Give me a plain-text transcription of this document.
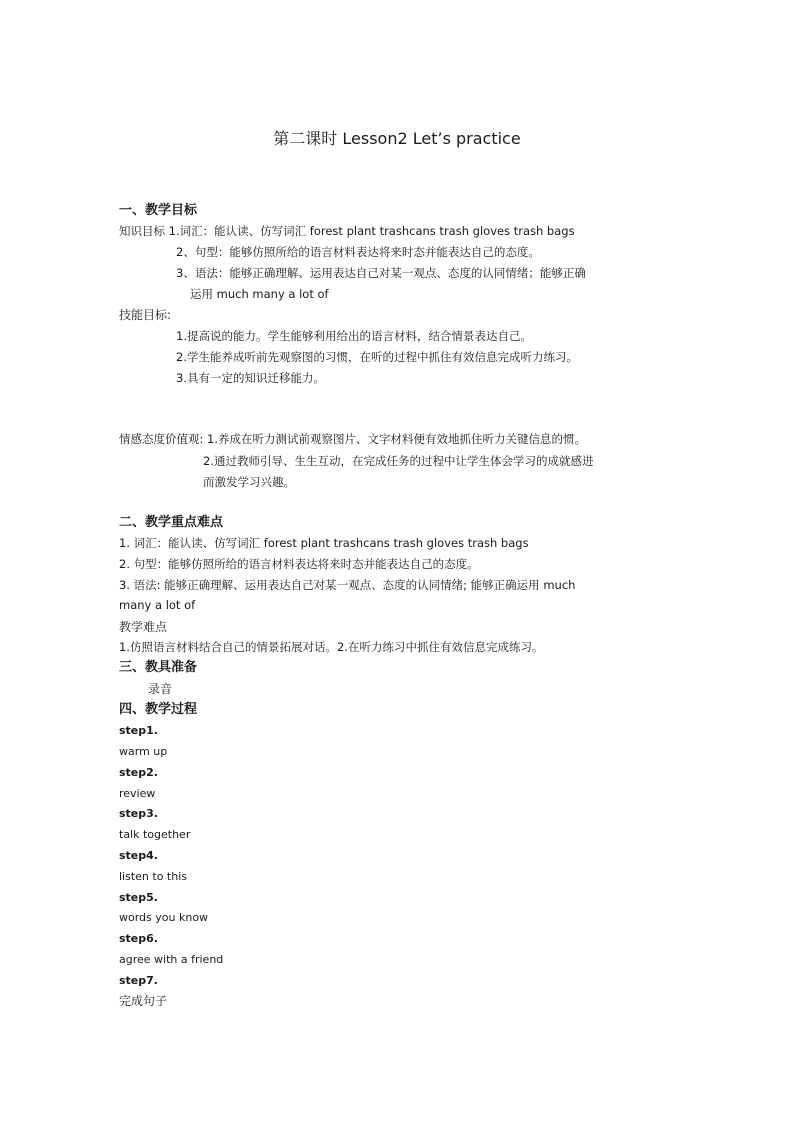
第二课时 Lesson2 Let’s practice
一、教学目标
知识目标 1.词汇：能认读、仿写词汇 forest plant trashcans trash gloves trash bags
2、句型：能够仿照所给的语言材料表达将来时态并能表达自己的态度。
3、语法：能够正确理解、运用表达自己对某一观点、态度的认同情绪；能够正确
运用 much many a lot of
技能目标:
1.提高说的能力。学生能够利用给出的语言材料，结合情景表达自己。
2.学生能养成听前先观察图的习惯，在听的过程中抓住有效信息完成听力练习。
3.具有一定的知识迁移能力。
情感态度价值观: 1.养成在听力测试前观察图片、文字材料便有效地抓住听力关键信息的惯。
2.通过教师引导、生生互动，在完成任务的过程中让学生体会学习的成就感进
而激发学习兴趣。
二、教学重点难点
1. 词汇：能认读、仿写词汇 forest plant trashcans trash gloves trash bags
2. 句型：能够仿照所给的语言材料表达将来时态并能表达自己的态度。
3. 语法: 能够正确理解、运用表达自己对某一观点、态度的认同情绪; 能够正确运用 much
many a lot of
教学难点
1.仿照语言材料结合自己的情景拓展对话。2.在听力练习中抓住有效信息完成练习。
三、教具准备
录音
四、教学过程
step1.
warm up
step2.
review
step3.
talk together
step4.
listen to this
step5.
words you know
step6.
agree with a friend
step7.
完成句子
